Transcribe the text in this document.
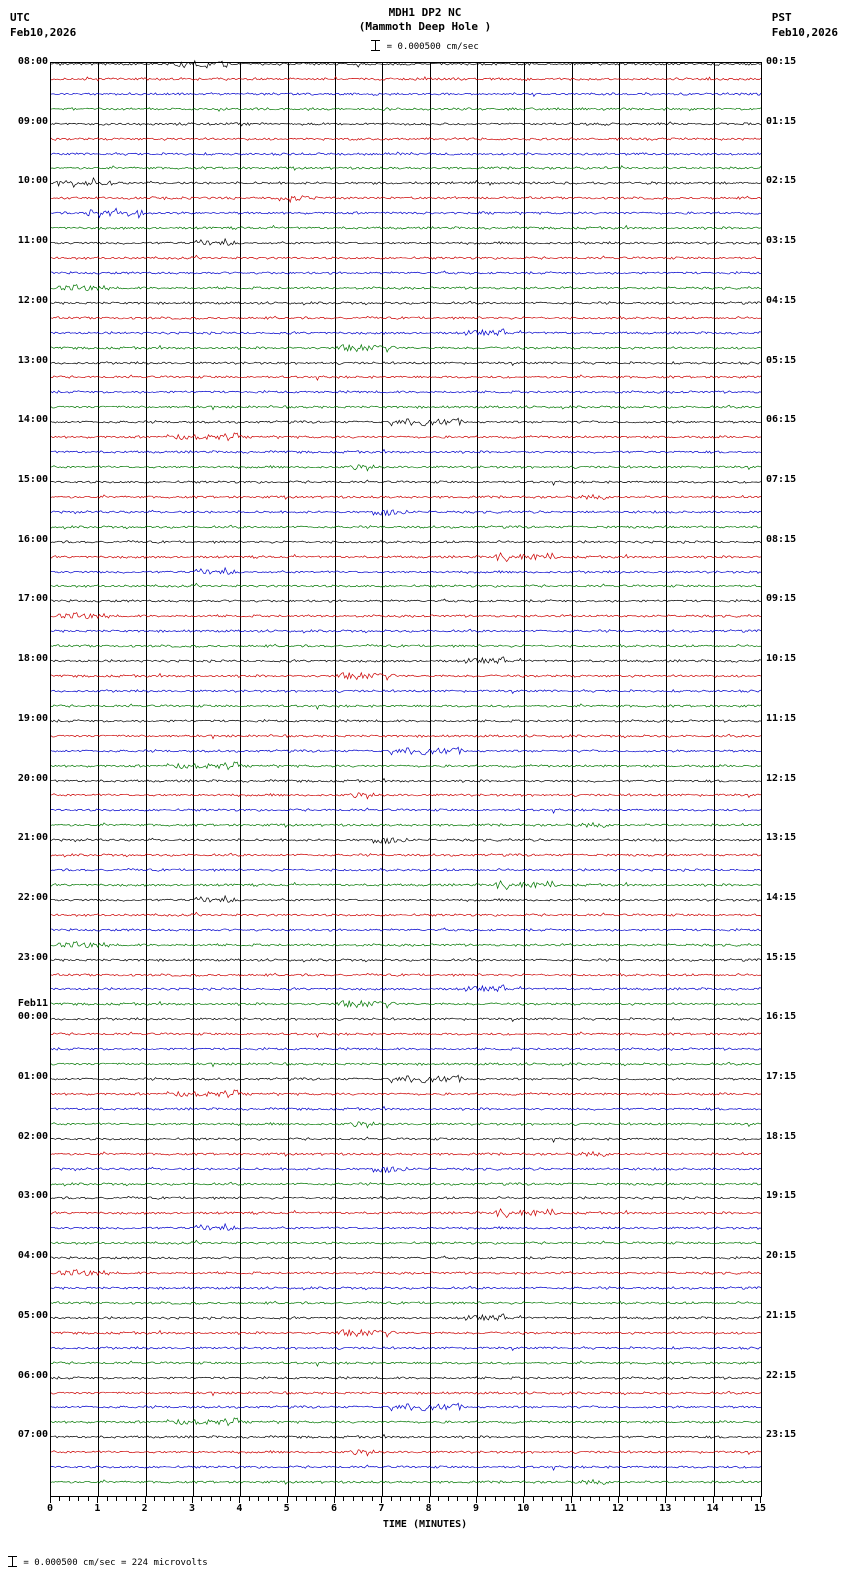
UTC
Feb10,2026
PST
Feb10,2026
MDH1 DP2 NC
(Mammoth Deep Hole )
= 0.000500 cm/sec
08:00	00:15
09:00	01:15
10:00	02:15
11:00	03:15
12:00	04:15
13:00	05:15
14:00	06:15
15:00	07:15
16:00	08:15
17:00	09:15
18:00	10:15
19:00	11:15
20:00	12:15
21:00	13:15
22:00	14:15
23:00	15:15
00:00	16:15
Feb11
01:00	17:15
02:00	18:15
03:00	19:15
04:00	20:15
05:00	21:15
06:00	22:15
07:00	23:15
0	1	2	3	4	5	6	7	8	9	10	11	12	13	14	15
TIME (MINUTES)
= 0.000500 cm/sec = 224 microvolts
